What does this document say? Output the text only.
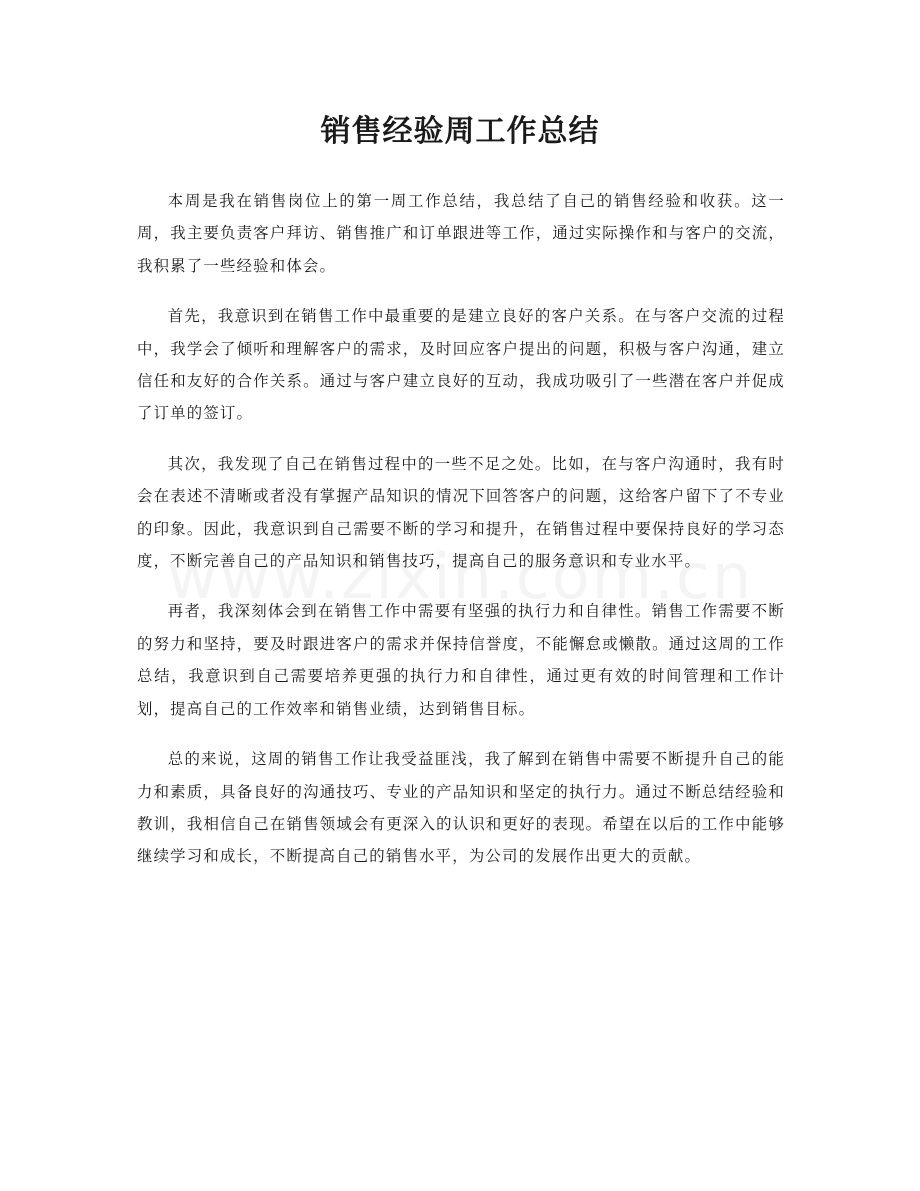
销售经验周工作总结

本周是我在销售岗位上的第一周工作总结，我总结了自己的销售经验和收获。这一周，我主要负责客户拜访、销售推广和订单跟进等工作，通过实际操作和与客户的交流，我积累了一些经验和体会。

首先，我意识到在销售工作中最重要的是建立良好的客户关系。在与客户交流的过程中，我学会了倾听和理解客户的需求，及时回应客户提出的问题，积极与客户沟通，建立信任和友好的合作关系。通过与客户建立良好的互动，我成功吸引了一些潜在客户并促成了订单的签订。

其次，我发现了自己在销售过程中的一些不足之处。比如，在与客户沟通时，我有时会在表述不清晰或者没有掌握产品知识的情况下回答客户的问题，这给客户留下了不专业的印象。因此，我意识到自己需要不断的学习和提升，在销售过程中要保持良好的学习态度，不断完善自己的产品知识和销售技巧，提高自己的服务意识和专业水平。

再者，我深刻体会到在销售工作中需要有坚强的执行力和自律性。销售工作需要不断的努力和坚持，要及时跟进客户的需求并保持信誉度，不能懈怠或懒散。通过这周的工作总结，我意识到自己需要培养更强的执行力和自律性，通过更有效的时间管理和工作计划，提高自己的工作效率和销售业绩，达到销售目标。

总的来说，这周的销售工作让我受益匪浅，我了解到在销售中需要不断提升自己的能力和素质，具备良好的沟通技巧、专业的产品知识和坚定的执行力。通过不断总结经验和教训，我相信自己在销售领域会有更深入的认识和更好的表现。希望在以后的工作中能够继续学习和成长，不断提高自己的销售水平，为公司的发展作出更大的贡献。
